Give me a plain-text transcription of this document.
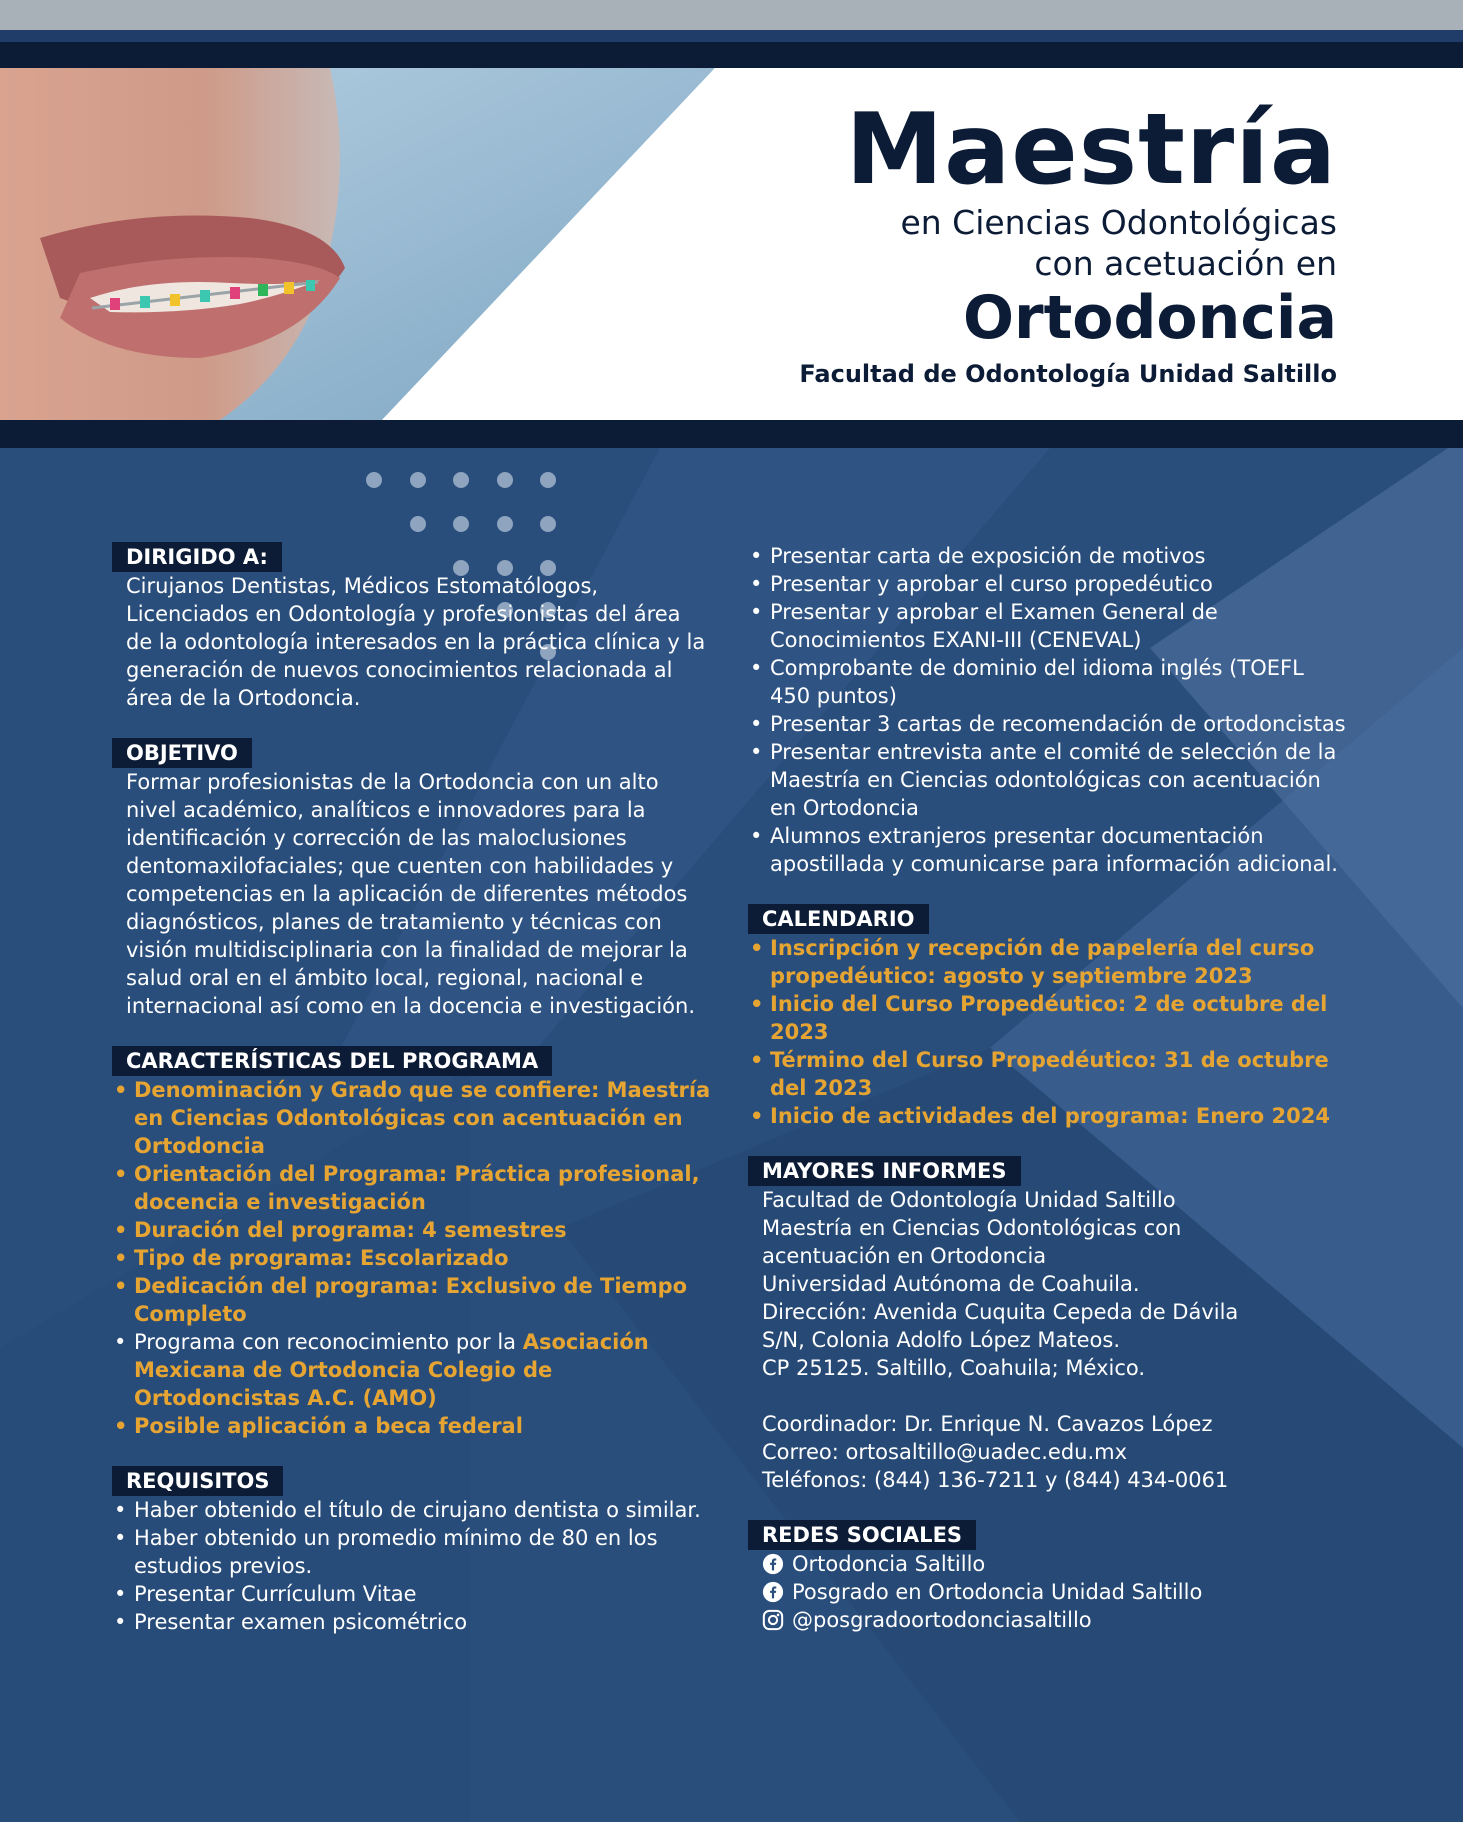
Maestría
en Ciencias Odontológicas
con acetuación en
Ortodoncia
Facultad de Odontología Unidad Saltillo
DIRIGIDO A:
Cirujanos Dentistas, Médicos Estomatólogos, Licenciados en Odontología y profesionistas del área de la odontología interesados en la práctica clínica y la generación de nuevos conocimientos relacionada al área de la Ortodoncia.
OBJETIVO
Formar profesionistas de la Ortodoncia con un alto nivel académico, analíticos e innovadores para la identificación y corrección de las maloclusiones dentomaxilofaciales; que cuenten con habilidades y competencias en la aplicación de diferentes métodos diagnósticos, planes de tratamiento y técnicas con visión multidisciplinaria con la finalidad de mejorar la salud oral en el ámbito local, regional, nacional e internacional así como en la docencia e investigación.
CARACTERÍSTICAS DEL PROGRAMA
• Denominación y Grado que se confiere: Maestría en Ciencias Odontológicas con acentuación en Ortodoncia
• Orientación del Programa: Práctica profesional, docencia e investigación
• Duración del programa: 4 semestres
• Tipo de programa: Escolarizado
• Dedicación del programa: Exclusivo de Tiempo Completo
• Programa con reconocimiento por la Asociación Mexicana de Ortodoncia Colegio de Ortodoncistas A.C. (AMO)
• Posible aplicación a beca federal
REQUISITOS
• Haber obtenido el título de cirujano dentista o similar.
• Haber obtenido un promedio mínimo de 80 en los estudios previos.
• Presentar Currículum Vitae
• Presentar examen psicométrico
• Presentar carta de exposición de motivos
• Presentar y aprobar el curso propedéutico
• Presentar y aprobar el Examen General de Conocimientos EXANI-III (CENEVAL)
• Comprobante de dominio del idioma inglés (TOEFL 450 puntos)
• Presentar 3 cartas de recomendación de ortodoncistas
• Presentar entrevista ante el comité de selección de la Maestría en Ciencias odontológicas con acentuación en Ortodoncia
• Alumnos extranjeros presentar documentación apostillada y comunicarse para información adicional.
CALENDARIO
• Inscripción y recepción de papelería del curso propedéutico: agosto y septiembre 2023
• Inicio del Curso Propedéutico: 2 de octubre del 2023
• Término del Curso Propedéutico: 31 de octubre del 2023
• Inicio de actividades del programa: Enero 2024
MAYORES INFORMES
Facultad de Odontología Unidad Saltillo
Maestría en Ciencias Odontológicas con
acentuación en Ortodoncia
Universidad Autónoma de Coahuila.
Dirección: Avenida Cuquita Cepeda de Dávila
S/N, Colonia Adolfo López Mateos.
CP 25125. Saltillo, Coahuila; México.
Coordinador: Dr. Enrique N. Cavazos López
Correo: ortosaltillo@uadec.edu.mx
Teléfonos: (844) 136-7211 y (844) 434-0061
REDES SOCIALES
Ortodoncia Saltillo
Posgrado en Ortodoncia Unidad Saltillo
@posgradoortodonciasaltillo
